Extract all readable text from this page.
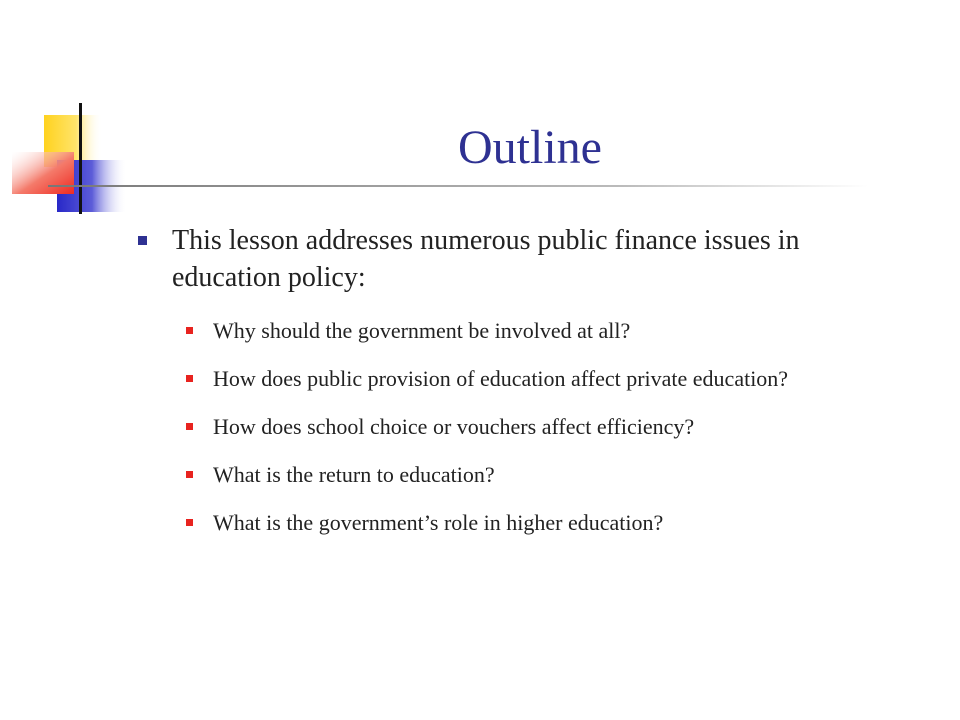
Outline
This lesson addresses numerous public finance issues in education policy:
Why should the government be involved at all?
How does public provision of education affect private education?
How does school choice or vouchers affect efficiency?
What is the return to education?
What is the government’s role in higher education?
